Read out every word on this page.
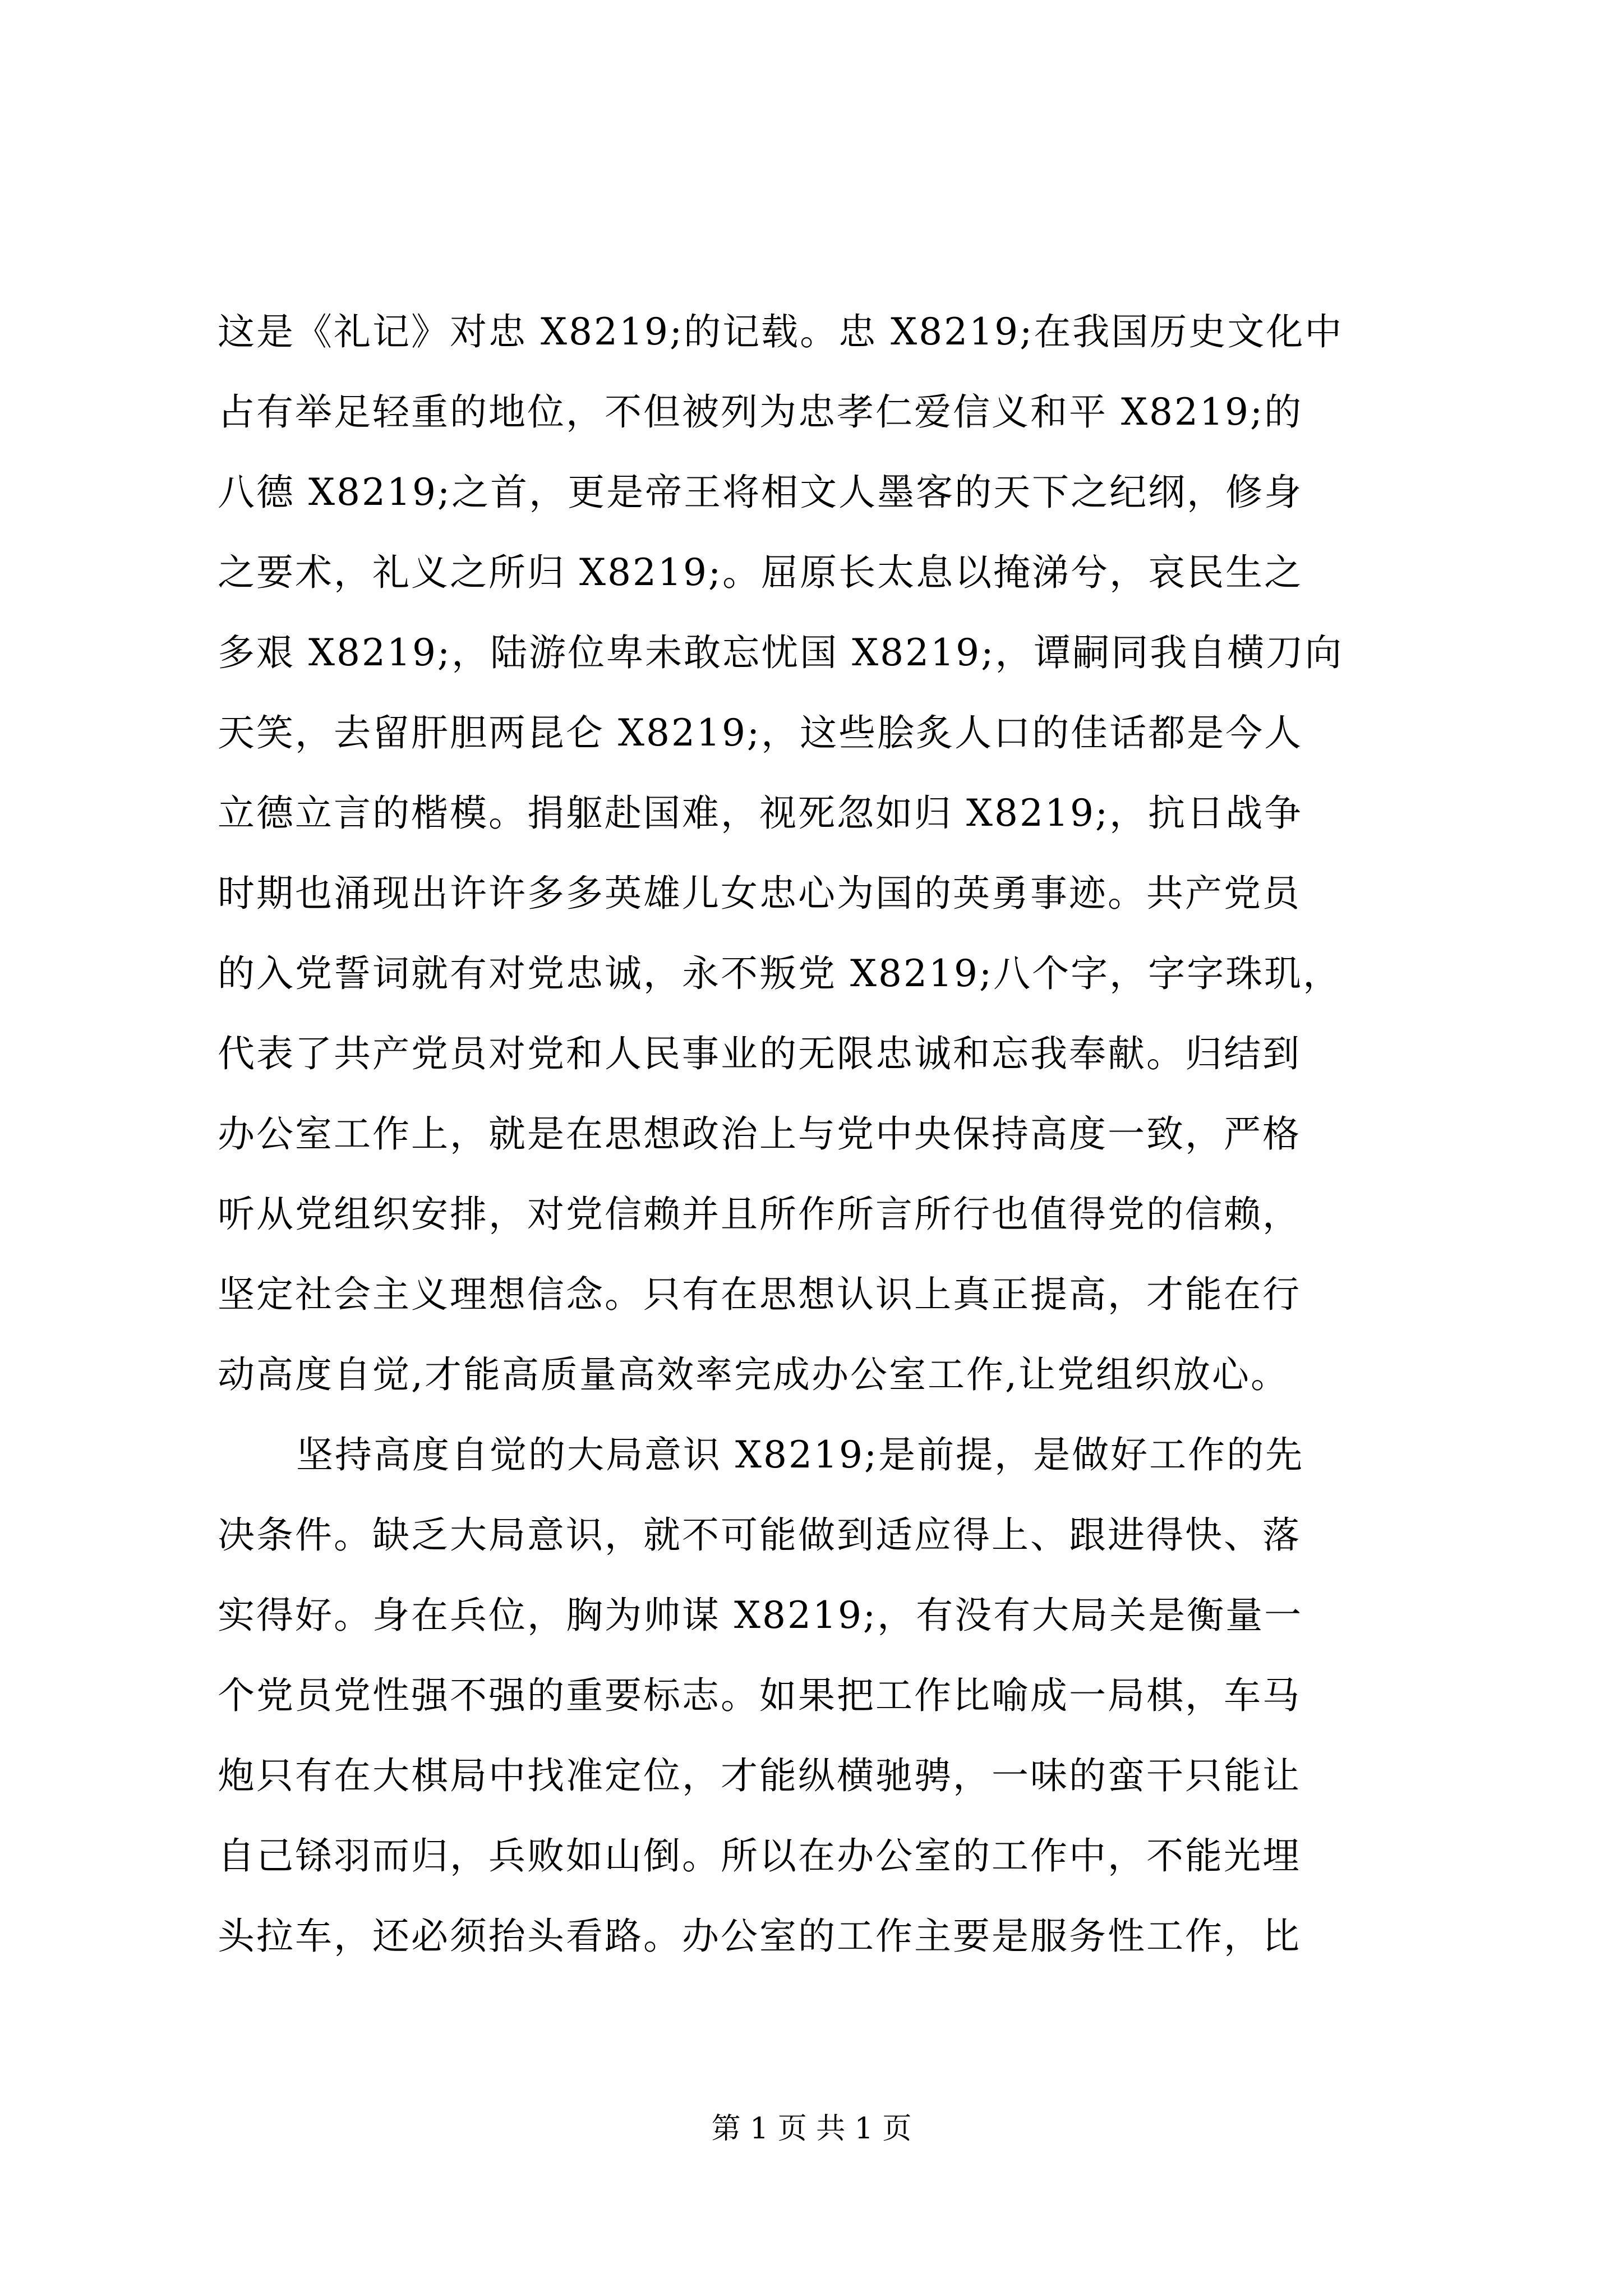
这是《礼记》对忠 X8219;的记载。忠 X8219;在我国历史文化中
占有举足轻重的地位，不但被列为忠孝仁爱信义和平 X8219;的
八德 X8219;之首，更是帝王将相文人墨客的天下之纪纲，修身
之要术，礼义之所归 X8219;。屈原长太息以掩涕兮，哀民生之
多艰 X8219;，陆游位卑未敢忘忧国 X8219;，谭嗣同我自横刀向
天笑，去留肝胆两昆仑 X8219;，这些脍炙人口的佳话都是今人
立德立言的楷模。捐躯赴国难，视死忽如归 X8219;，抗日战争
时期也涌现出许许多多英雄儿女忠心为国的英勇事迹。共产党员
的入党誓词就有对党忠诚，永不叛党 X8219;八个字，字字珠玑，
代表了共产党员对党和人民事业的无限忠诚和忘我奉献。归结到
办公室工作上，就是在思想政治上与党中央保持高度一致，严格
听从党组织安排，对党信赖并且所作所言所行也值得党的信赖，
坚定社会主义理想信念。只有在思想认识上真正提高，才能在行
动高度自觉,才能高质量高效率完成办公室工作,让党组织放心。
坚持高度自觉的大局意识 X8219;是前提，是做好工作的先
决条件。缺乏大局意识，就不可能做到适应得上、跟进得快、落
实得好。身在兵位，胸为帅谋 X8219;，有没有大局关是衡量一
个党员党性强不强的重要标志。如果把工作比喻成一局棋，车马
炮只有在大棋局中找准定位，才能纵横驰骋，一味的蛮干只能让
自己铩羽而归，兵败如山倒。所以在办公室的工作中，不能光埋
头拉车，还必须抬头看路。办公室的工作主要是服务性工作，比
第 1 页 共 1 页
